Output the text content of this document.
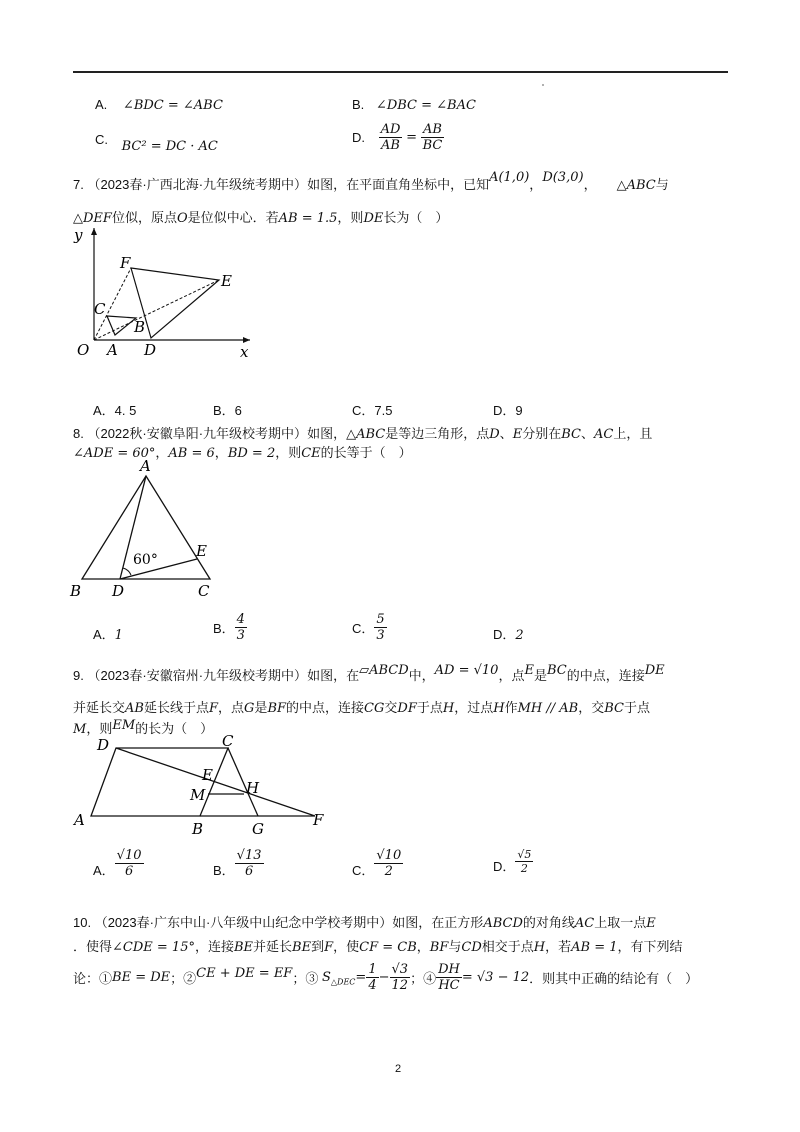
A. ∠BDC = ∠ABC	B. ∠DBC = ∠BAC
C. BC² = DC · AC
D. $\frac{AD}{AB} = \frac{AB}{BC}$
7. （2023春·广西北海·九年级统考期中）如图，在平面直角坐标中，已知A(1,0)，D(3,0)， △ABC与
△DEF位似，原点O是位似中心．若AB = 1.5，则DE长为（　）
y
x
O A D
B
C
E
F
A．4. 5	B．6	C．7.5	D．9
8. （2022秋·安徽阜阳·九年级校考期中）如图，△ABC是等边三角形，点D、E分别在BC、AC上，且
∠ADE = 60°，AB = 6，BD = 2，则CE的长等于（　）
A
B	C
D
E
60°
A．1	B． $\frac{4}{3}$	C． $\frac{5}{3}$	D．2
9. （2023春·安徽宿州·九年级校考期中）如图，在▱ABCD中，AD = √10，点E是BC的中点，连接DE
并延长交AB延长线于点F，点G是BF的中点，连接CG交DF于点H，过点H作MH // AB，交BC于点
M，则EM的长为（　）
A	B
C
D
E
F
G
H
M
A． $\frac{√10}{6}$	B． $\frac{√13}{6}$	C． $\frac{√10}{2}$	D． $\frac{√5}{2}$
10. （2023春·广东中山·八年级中山纪念中学校考期中）如图，在正方形ABCD的对角线AC上取一点E
．使得∠CDE = 15°，连接BE并延长BE到F，使CF = CB，BF与CD相交于点H，若AB = 1，有下列结
论：①BE = DE；②CE + DE = EF；③ $S_{\triangle DEC}= \frac{1}{4} - \frac{√3}{12}$ ；④ $\frac{DH}{HC} = √3 - 12$．则其中正确的结论有（　）
2
